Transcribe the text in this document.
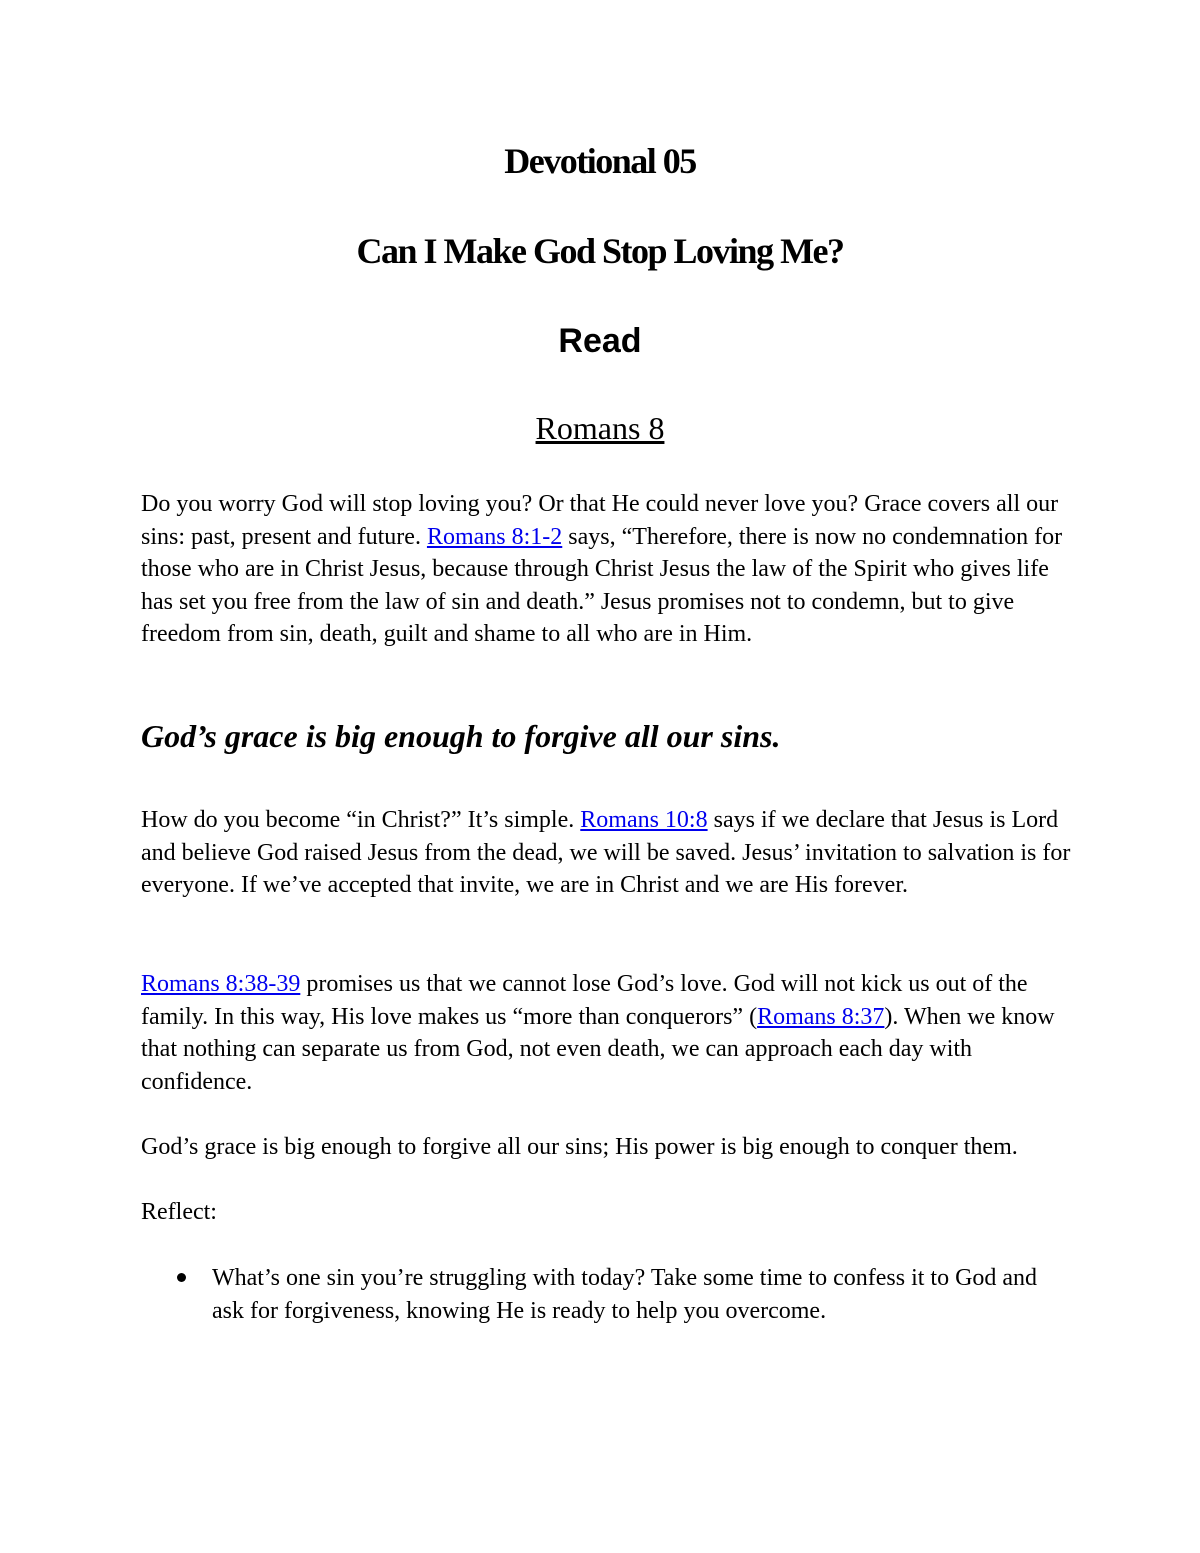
Devotional 05
Can I Make God Stop Loving Me?
Read
Romans 8

Do you worry God will stop loving you? Or that He could never love you? Grace covers all our sins: past, present and future. Romans 8:1-2 says, “Therefore, there is now no condemnation for those who are in Christ Jesus, because through Christ Jesus the law of the Spirit who gives life has set you free from the law of sin and death.” Jesus promises not to condemn, but to give freedom from sin, death, guilt and shame to all who are in Him.

God’s grace is big enough to forgive all our sins.

How do you become “in Christ?” It’s simple. Romans 10:8 says if we declare that Jesus is Lord and believe God raised Jesus from the dead, we will be saved. Jesus’ invitation to salvation is for everyone. If we’ve accepted that invite, we are in Christ and we are His forever.

Romans 8:38-39 promises us that we cannot lose God’s love. God will not kick us out of the family. In this way, His love makes us “more than conquerors” (Romans 8:37). When we know that nothing can separate us from God, not even death, we can approach each day with confidence.

God’s grace is big enough to forgive all our sins; His power is big enough to conquer them.

Reflect:

What’s one sin you’re struggling with today? Take some time to confess it to God and ask for forgiveness, knowing He is ready to help you overcome.
